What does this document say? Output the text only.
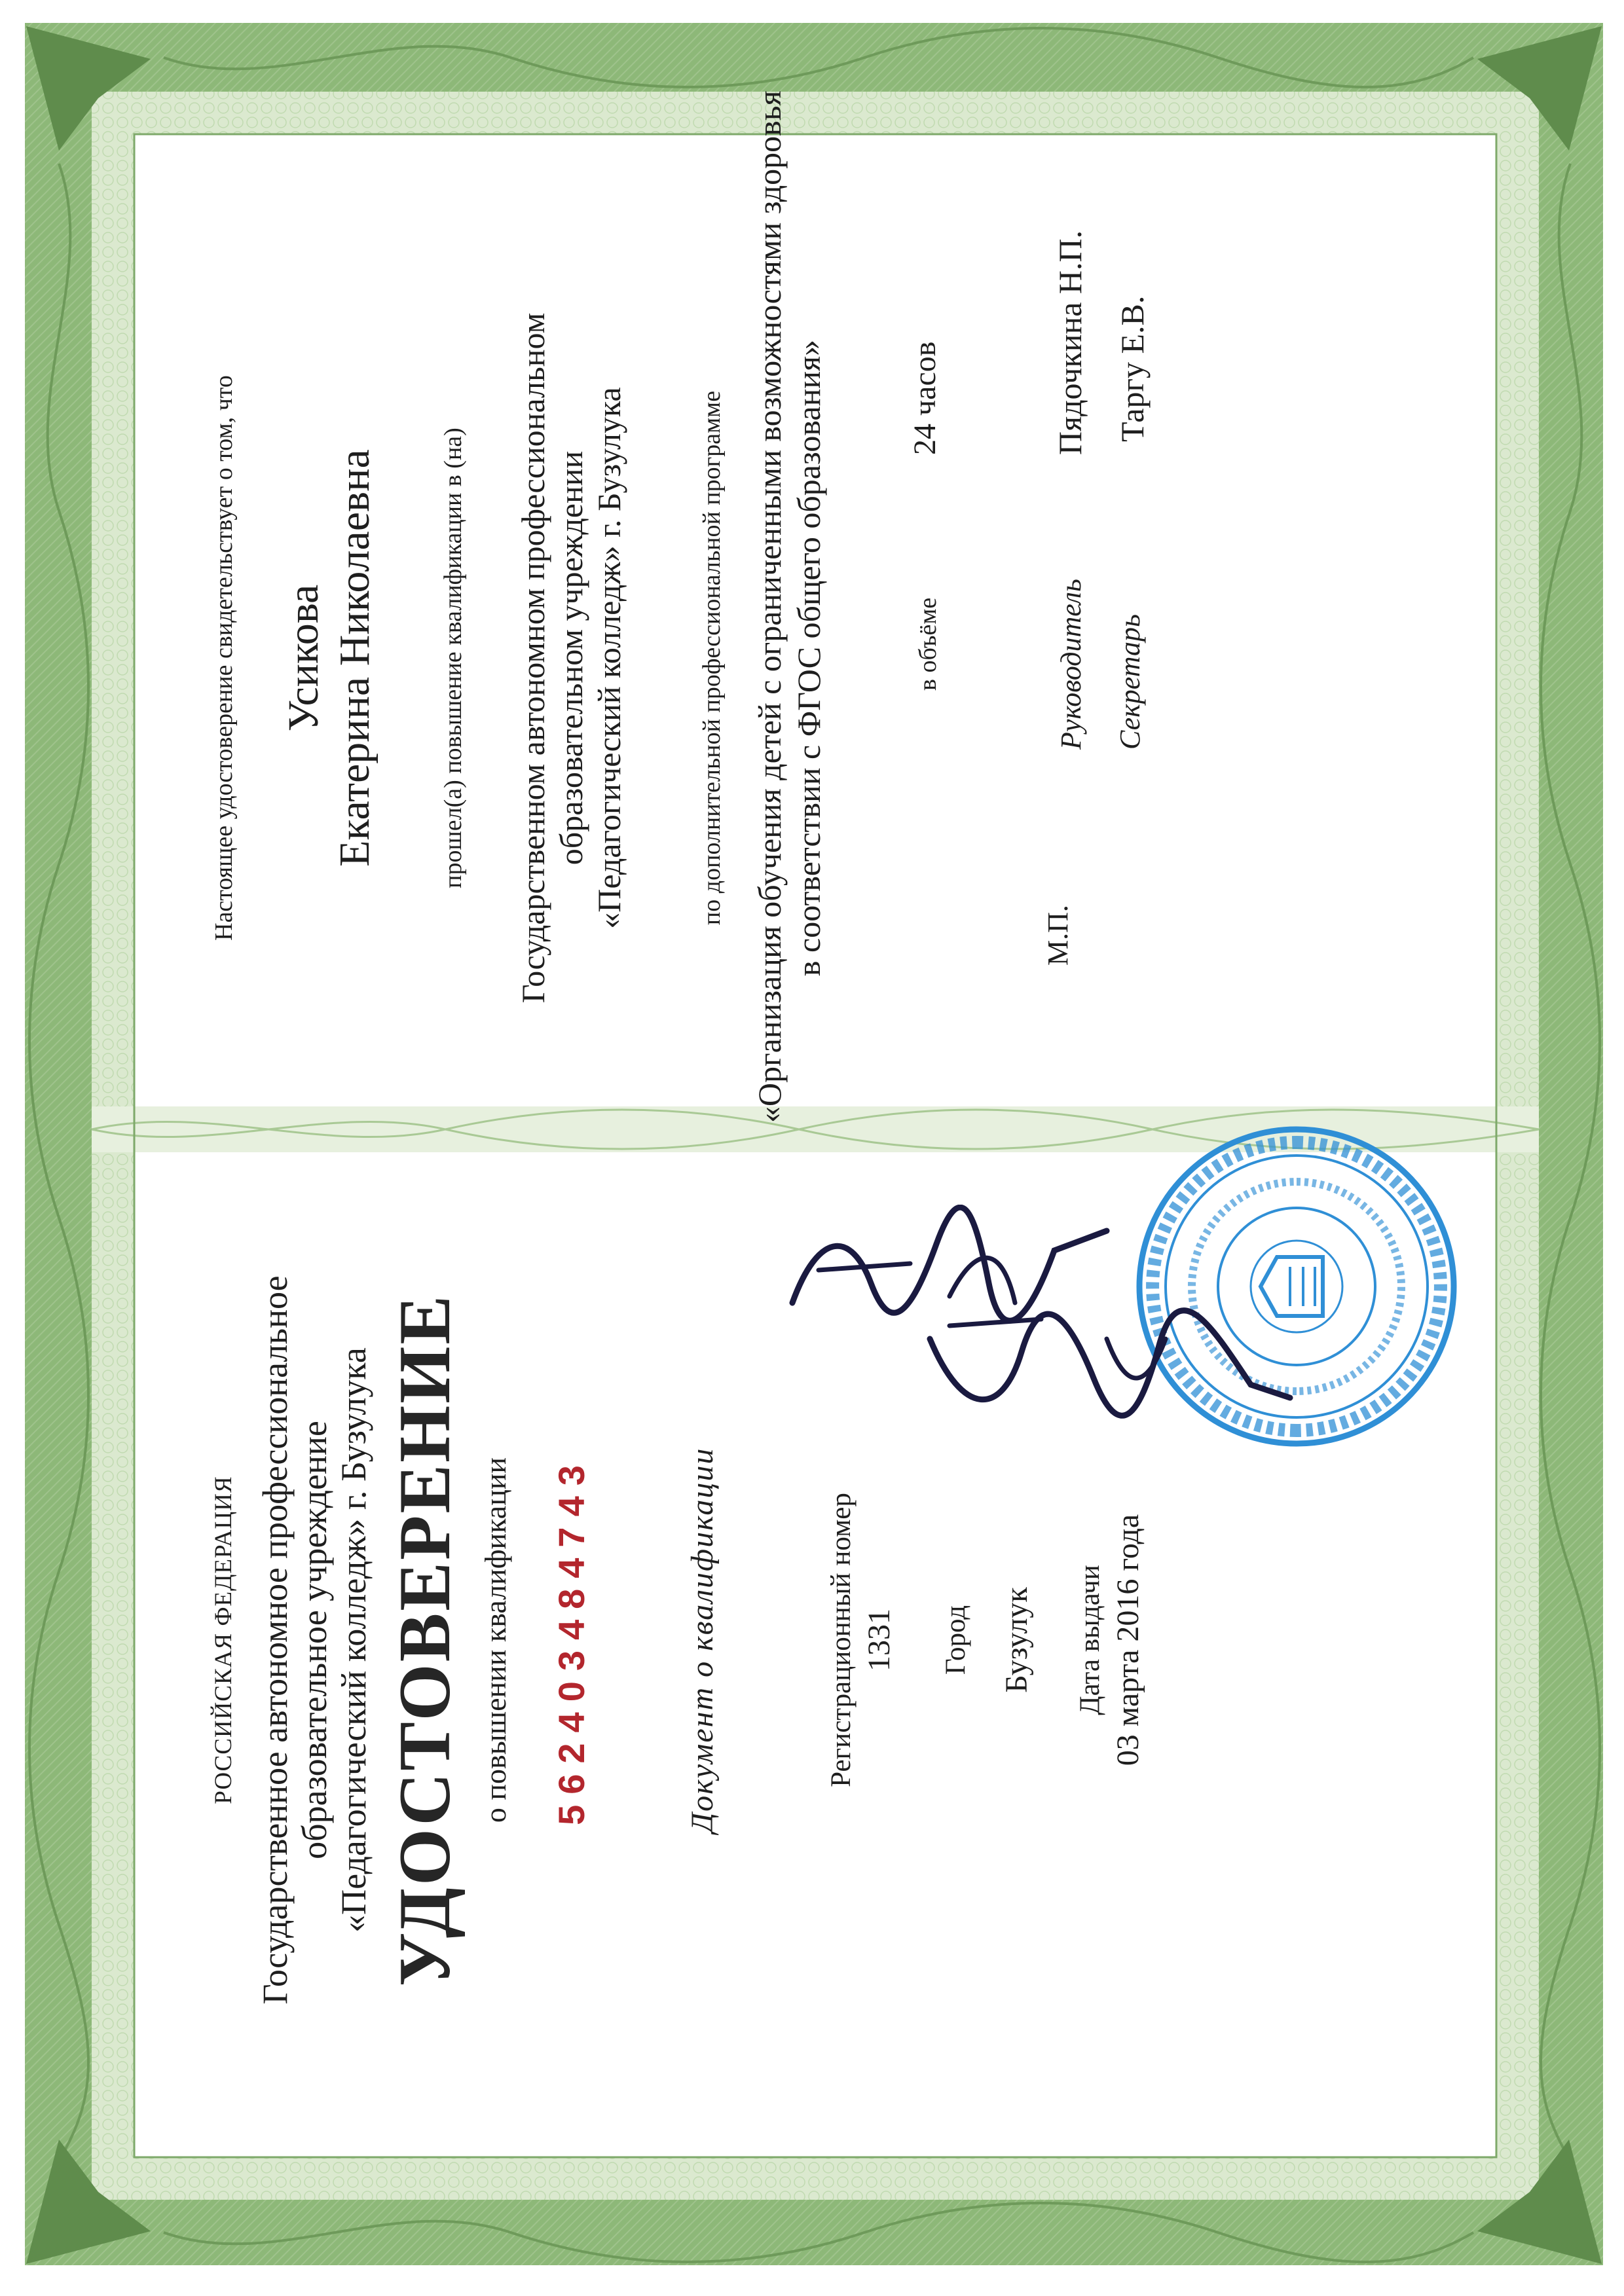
РОССИЙСКАЯ ФЕДЕРАЦИЯ Государственное автономное профессиональное образовательное учреждение «Педагогический колледж» г. Бузулука УДОСТОВЕРЕНИЕ о повышении квалификации 562403484743	Документ о квалификации	Регистрационный номер 1331 Город Бузулук Дата выдачи 03 марта 2016 года
Настоящее удостоверение свидетельствует о том, что Усикова Екатерина Николаевна прошел(а) повышение квалификации в (на) Государственном автономном профессиональном образовательном учреждении «Педагогический колледж» г. Бузулука	по дополнительной профессиональной программе «Организация обучения детей с ограниченными возможностями здоровья в соответствии с ФГОС общего образования»	в объёме
24 часов
М.П.
Руководитель
Пядочкина Н.П.
Секретарь
Таргу Е.В.
